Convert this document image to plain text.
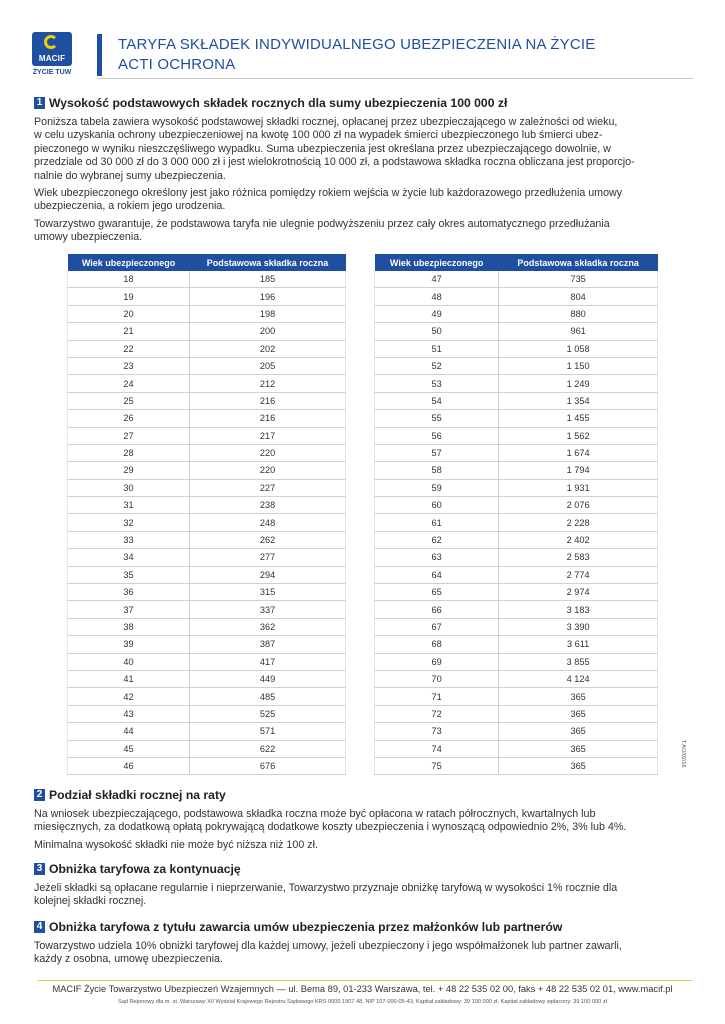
MACIF
ŻYCIE TUW
TARYFA SKŁADEK INDYWIDUALNEGO UBEZPIECZENIA NA ŻYCIE
ACTI OCHRONA
1 Wysokość podstawowych składek rocznych dla sumy ubezpieczenia 100 000 zł
Poniższa tabela zawiera wysokość podstawowej składki rocznej, opłacanej przez ubezpieczającego w zależności od wieku,
w celu uzyskania ochrony ubezpieczeniowej na kwotę 100 000 zł na wypadek śmierci ubezpieczonego lub śmierci ubez-
pieczonego w wyniku nieszczęśliwego wypadku. Suma ubezpieczenia jest określana przez ubezpieczającego dowolnie, w
przedziale od 30 000 zł do 3 000 000 zł i jest wielokrotnością 10 000 zł, a podstawowa składka roczna obliczana jest proporcjo-
nalnie do wybranej sumy ubezpieczenia.
Wiek ubezpieczonego określony jest jako różnica pomiędzy rokiem wejścia w życie lub każdorazowego przedłużenia umowy
ubezpieczenia, a rokiem jego urodzenia.
Towarzystwo gwarantuje, że podstawowa taryfa nie ulegnie podwyższeniu przez cały okres automatycznego przedłużania
umowy ubezpieczenia.
Wiek ubezpieczonego	Podstawowa składka roczna
18	185
19	196
20	198
21	200
22	202
23	205
24	212
25	216
26	216
27	217
28	220
29	220
30	227
31	238
32	248
33	262
34	277
35	294
36	315
37	337
38	362
39	387
40	417
41	449
42	485
43	525
44	571
45	622
46	676
Wiek ubezpieczonego	Podstawowa składka roczna
47	735
48	804
49	880
50	961
51	1 058
52	1 150
53	1 249
54	1 354
55	1 455
56	1 562
57	1 674
58	1 794
59	1 931
60	2 076
61	2 228
62	2 402
63	2 583
64	2 774
65	2 974
66	3 183
67	3 390
68	3 611
69	3 855
70	4 124
71	365
72	365
73	365
74	365
75	365	T.AO/02/16
2 Podział składki rocznej na raty
Na wniosek ubezpieczającego, podstawowa składka roczna może być opłacona w ratach półrocznych, kwartalnych lub
miesięcznych, za dodatkową opłatą pokrywającą dodatkowe koszty ubezpieczenia i wynoszącą odpowiednio 2%, 3% lub 4%.
Minimalna wysokość składki nie może być niższa niż 100 zł.
3 Obniżka taryfowa za kontynuację
Jeżeli składki są opłacane regularnie i nieprzerwanie, Towarzystwo przyznaje obniżkę taryfową w wysokości 1% rocznie dla
kolejnej składki rocznej.
4 Obniżka taryfowa z tytułu zawarcia umów ubezpieczenia przez małżonków lub partnerów
Towarzystwo udziela 10% obniżki taryfowej dla każdej umowy, jeżeli ubezpieczony i jego współmałżonek lub partner zawarli,
każdy z osobna, umowę ubezpieczenia.
MACIF Życie Towarzystwo Ubezpieczeń Wzajemnych — ul. Bema 89, 01-233 Warszawa, tel. + 48 22 535 02 00, faks + 48 22 535 02 01, www.macif.pl
Sąd Rejonowy dla m. st. Warszawy XII Wydział Krajowego Rejestru Sądowego KRS 0000 1907 48, NIP 107-000-05-43, Kapitał zakładowy: 39 100 000 zł, Kapitał zakładowy wpłacony: 39 100 000 zł
